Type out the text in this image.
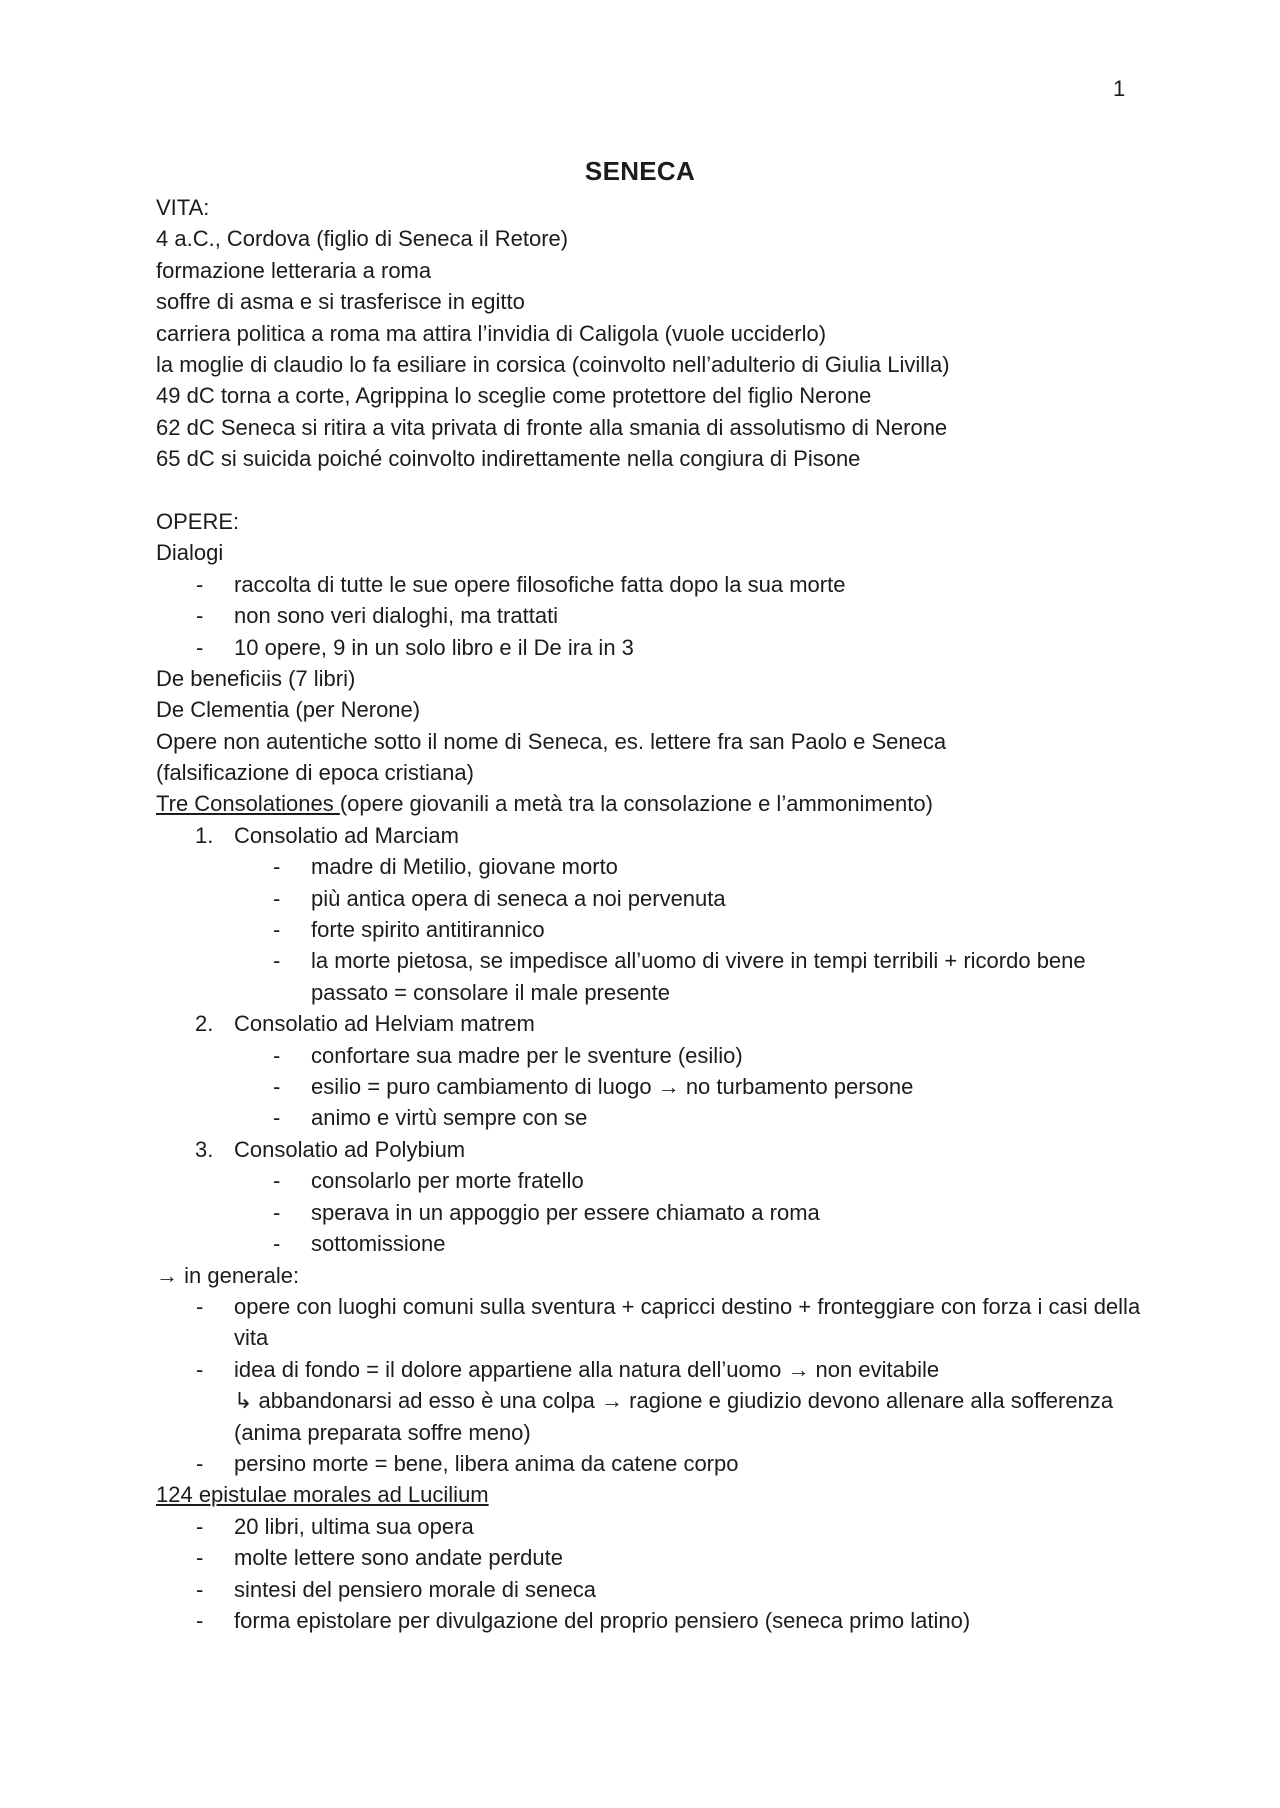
1
SENECA
VITA:
4 a.C., Cordova (figlio di Seneca il Retore)
formazione letteraria a roma
soffre di asma e si trasferisce in egitto
carriera politica a roma ma attira l’invidia di Caligola (vuole ucciderlo)
la moglie di claudio lo fa esiliare in corsica (coinvolto nell’adulterio di Giulia Livilla)
49 dC torna a corte, Agrippina lo sceglie come protettore del figlio Nerone
62 dC Seneca si ritira a vita privata di fronte alla smania di assolutismo di Nerone
65 dC si suicida poiché coinvolto indirettamente nella congiura di Pisone
OPERE:
Dialogi
- raccolta di tutte le sue opere filosofiche fatta dopo la sua morte
- non sono veri dialoghi, ma trattati
- 10 opere, 9 in un solo libro e il De ira in 3
De beneficiis (7 libri)
De Clementia (per Nerone)
Opere non autentiche sotto il nome di Seneca, es. lettere fra san Paolo e Seneca
(falsificazione di epoca cristiana)
Tre Consolationes (opere giovanili a metà tra la consolazione e l’ammonimento)
1. Consolatio ad Marciam
- madre di Metilio, giovane morto
- più antica opera di seneca a noi pervenuta
- forte spirito antitirannico
- la morte pietosa, se impedisce all’uomo di vivere in tempi terribili + ricordo bene passato = consolare il male presente
2. Consolatio ad Helviam matrem
- confortare sua madre per le sventure (esilio)
- esilio = puro cambiamento di luogo → no turbamento persone
- animo e virtù sempre con se
3. Consolatio ad Polybium
- consolarlo per morte fratello
- sperava in un appoggio per essere chiamato a roma
- sottomissione
→ in generale:
- opere con luoghi comuni sulla sventura + capricci destino + fronteggiare con forza i casi della vita
- idea di fondo = il dolore appartiene alla natura dell’uomo → non evitabile
↳ abbandonarsi ad esso è una colpa → ragione e giudizio devono allenare alla sofferenza (anima preparata soffre meno)
- persino morte = bene, libera anima da catene corpo
124 epistulae morales ad Lucilium
- 20 libri, ultima sua opera
- molte lettere sono andate perdute
- sintesi del pensiero morale di seneca
- forma epistolare per divulgazione del proprio pensiero (seneca primo latino)
